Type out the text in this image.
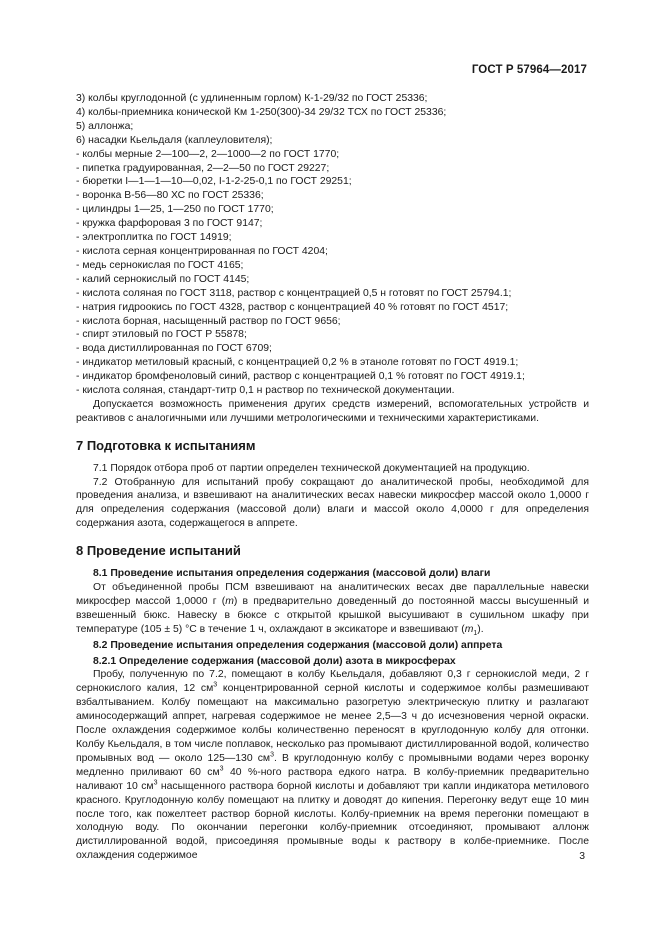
ГОСТ Р 57964—2017

3) колбы круглодонной (с удлиненным горлом) К-1-29/32 по ГОСТ 25336;

4) колбы-приемника конической Км 1-250(300)-34 29/32 ТСХ по ГОСТ 25336;

5) аллонжа;

6) насадки Кьельдаля (каплеуловителя);

- колбы мерные 2—100—2, 2—1000—2 по ГОСТ 1770;

- пипетка градуированная, 2—2—50 по ГОСТ 29227;

- бюретки I—1—1—10—0,02, I-1-2-25-0,1 по ГОСТ 29251;

- воронка В-56—80 ХС по ГОСТ 25336;

- цилиндры 1—25, 1—250 по ГОСТ 1770;

- кружка фарфоровая 3 по ГОСТ 9147;

- электроплитка по ГОСТ 14919;

- кислота серная концентрированная по ГОСТ 4204;

- медь сернокислая по ГОСТ 4165;

- калий сернокислый по ГОСТ 4145;

- кислота соляная по ГОСТ 3118, раствор с концентрацией 0,5 н готовят по ГОСТ 25794.1;

- натрия гидроокись по ГОСТ 4328, раствор с концентрацией 40 % готовят по ГОСТ 4517;

- кислота борная, насыщенный раствор по ГОСТ 9656;

- спирт этиловый по ГОСТ Р 55878;

- вода дистиллированная по ГОСТ 6709;

- индикатор метиловый красный, с концентрацией 0,2 % в этаноле готовят по ГОСТ 4919.1;

- индикатор бромфеноловый синий, раствор с концентрацией 0,1 % готовят по ГОСТ 4919.1;

- кислота соляная, стандарт-титр 0,1 н раствор по технической документации.

Допускается возможность применения других средств измерений, вспомогательных устройств и реактивов с аналогичными или лучшими метрологическими и техническими характеристиками.

7 Подготовка к испытаниям

7.1 Порядок отбора проб от партии определен технической документацией на продукцию.

7.2 Отобранную для испытаний пробу сокращают до аналитической пробы, необходимой для проведения анализа, и взвешивают на аналитических весах навески микросфер массой около 1,0000 г для определения содержания (массовой доли) влаги и массой около 4,0000 г для определения содержания азота, содержащегося в аппрете.

8 Проведение испытаний

8.1 Проведение испытания определения содержания (массовой доли) влаги

От объединенной пробы ПСМ взвешивают на аналитических весах две параллельные навески микросфер массой 1,0000 г (m) в предварительно доведенный до постоянной массы высушенный и взвешенный бюкс. Навеску в бюксе с открытой крышкой высушивают в сушильном шкафу при температуре (105 ± 5) °С в течение 1 ч, охлаждают в эксикаторе и взвешивают $(m_1)$.

8.2 Проведение испытания определения содержания (массовой доли) аппрета

8.2.1 Определение содержания (массовой доли) азота в микросферах

Пробу, полученную по 7.2, помещают в колбу Кьельдаля, добавляют 0,3 г сернокислой меди, 2 г сернокислого калия, 12 $см^3$ концентрированной серной кислоты и содержимое колбы размешивают взбалтыванием. Колбу помещают на максимально разогретую электрическую плитку и разлагают аминосодержащий аппрет, нагревая содержимое не менее 2,5—3 ч до исчезновения черной окраски. После охлаждения содержимое колбы количественно переносят в круглодонную колбу для отгонки. Колбу Кьельдаля, в том числе поплавок, несколько раз промывают дистиллированной водой, количество промывных вод — около 125—130 $см^3$. В круглодонную колбу с промывными водами через воронку медленно приливают 60 $см^3$ 40 %-ного раствора едкого натра. В колбу-приемник предварительно наливают 10 $см^3$ насыщенного раствора борной кислоты и добавляют три капли индикатора метилового красного. Круглодонную колбу помещают на плитку и доводят до кипения. Перегонку ведут еще 10 мин после того, как пожелтеет раствор борной кислоты. Колбу-приемник на время перегонки помещают в холодную воду. По окончании перегонки колбу-приемник отсоединяют, промывают аллонж дистиллированной водой, присоединяя промывные воды к раствору в колбе-приемнике. После охлаждения содержимое	3
